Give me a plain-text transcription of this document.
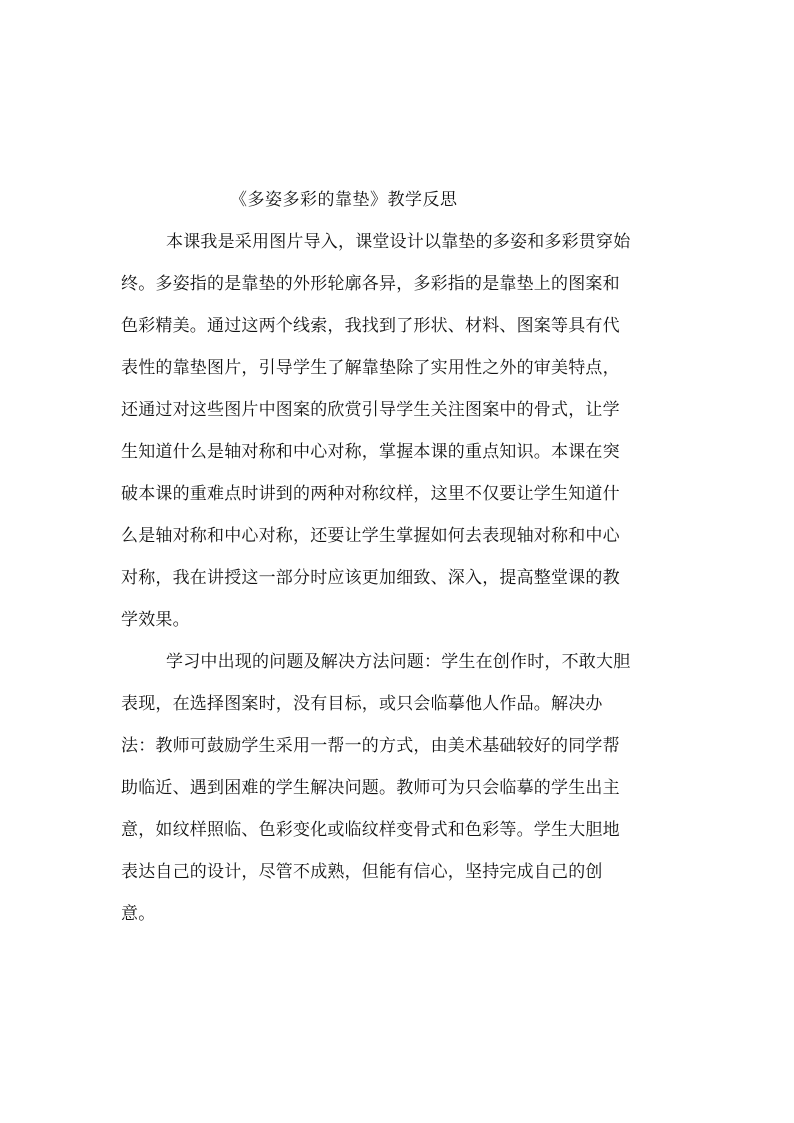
《多姿多彩的靠垫》教学反思
本课我是采用图片导入，课堂设计以靠垫的多姿和多彩贯穿始
终。多姿指的是靠垫的外形轮廓各异，多彩指的是靠垫上的图案和
色彩精美。通过这两个线索，我找到了形状、材料、图案等具有代
表性的靠垫图片，引导学生了解靠垫除了实用性之外的审美特点，
还通过对这些图片中图案的欣赏引导学生关注图案中的骨式，让学
生知道什么是轴对称和中心对称，掌握本课的重点知识。本课在突
破本课的重难点时讲到的两种对称纹样，这里不仅要让学生知道什
么是轴对称和中心对称，还要让学生掌握如何去表现轴对称和中心
对称，我在讲授这一部分时应该更加细致、深入，提高整堂课的教
学效果。
学习中出现的问题及解决方法问题：学生在创作时，不敢大胆
表现，在选择图案时，没有目标，或只会临摹他人作品。解决办
法：教师可鼓励学生采用一帮一的方式，由美术基础较好的同学帮
助临近、遇到困难的学生解决问题。教师可为只会临摹的学生出主
意，如纹样照临、色彩变化或临纹样变骨式和色彩等。学生大胆地
表达自己的设计，尽管不成熟，但能有信心，坚持完成自己的创
意。
